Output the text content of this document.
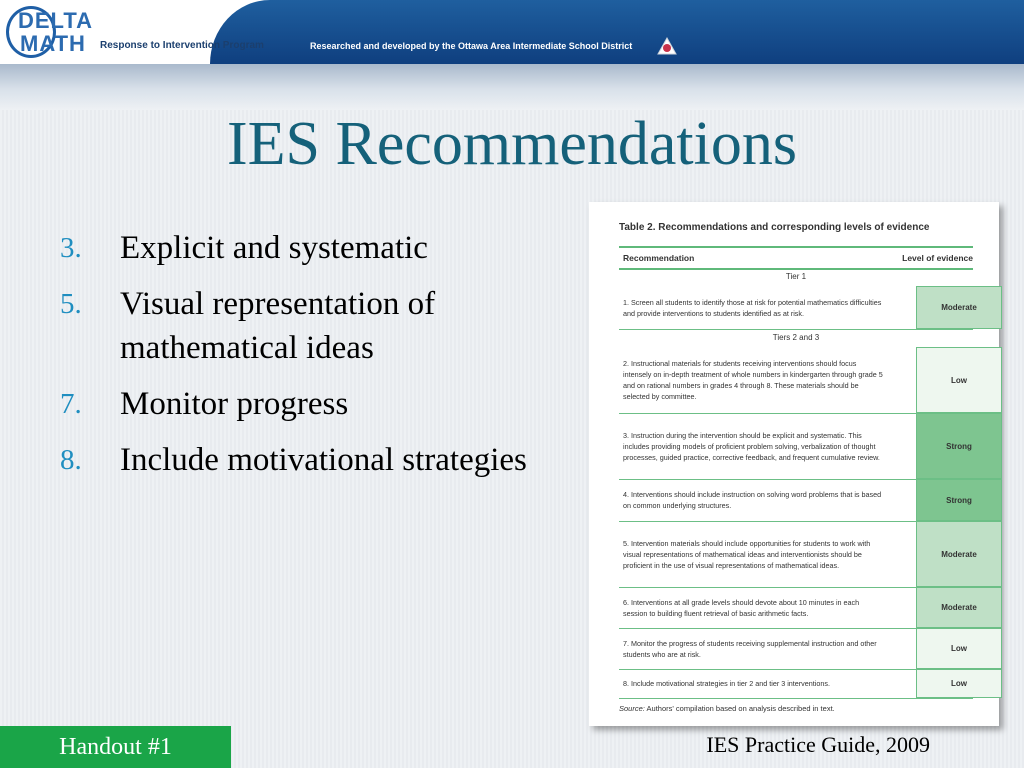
DELTA
MATH Response to Intervention Program	Researched and developed by the Ottawa Area Intermediate School District
IES Recommendations
3. Explicit and systematic
5. Visual representation of mathematical ideas
7. Monitor progress
8. Include motivational strategies
Table 2. Recommendations and corresponding levels of evidence
Recommendation	Level of evidence
Tier 1
1. Screen all students to identify those at risk for potential mathematics difficulties and provide interventions to students identified as at risk.
Moderate
Tiers 2 and 3
2. Instructional materials for students receiving interventions should focus intensely on in-depth treatment of whole numbers in kindergarten through grade 5 and on rational numbers in grades 4 through 8. These materials should be selected by committee.
Low
3. Instruction during the intervention should be explicit and systematic. This includes providing models of proficient problem solving, verbalization of thought processes, guided practice, corrective feedback, and frequent cumulative review.
Strong
4. Interventions should include instruction on solving word problems that is based on common underlying structures.
Strong
5. Intervention materials should include opportunities for students to work with visual representations of mathematical ideas and interventionists should be proficient in the use of visual representations of mathematical ideas.
Moderate
6. Interventions at all grade levels should devote about 10 minutes in each session to building fluent retrieval of basic arithmetic facts.
Moderate
7. Monitor the progress of students receiving supplemental instruction and other students who are at risk.
Low
8. Include motivational strategies in tier 2 and tier 3 interventions.	Low
Source: Authors' compilation based on analysis described in text.
Handout #1	IES Practice Guide, 2009
